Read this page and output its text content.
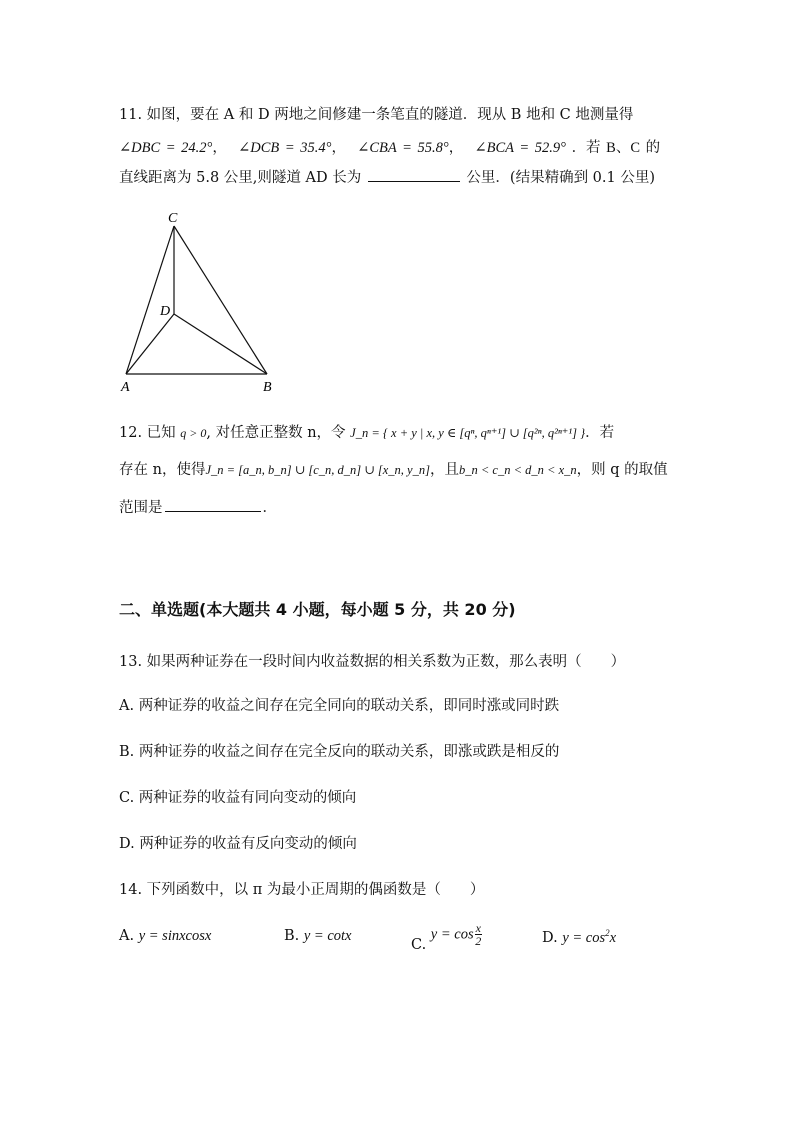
11. 如图，要在 A 和 D 两地之间修建一条笔直的隧道．现从 B 地和 C 地测量得
∠DBC = 24.2°，  ∠DCB = 35.4°，  ∠CBA = 55.8°，  ∠BCA = 52.9° ．若 B、C 的
直线距离为 5.8 公里,则隧道 AD 长为	公里．(结果精确到 0.1 公里)
C
D
A	B
12. 已知 q > 0, 对任意正整数 n，令 J_n = { x + y | x, y ∈ [qⁿ, qⁿ⁺¹] ∪ [q²ⁿ, q²ⁿ⁺¹] }．若
存在 n，使得J_n = [a_n, b_n] ∪ [c_n, d_n] ∪ [x_n, y_n]，且b_n < c_n < d_n < x_n，则 q 的取值
范围是	．
二、单选题(本大题共 4 小题，每小题 5 分，共 20 分)
13. 如果两种证券在一段时间内收益数据的相关系数为正数，那么表明（　　）
A. 两种证券的收益之间存在完全同向的联动关系，即同时涨或同时跌
B. 两种证券的收益之间存在完全反向的联动关系，即涨或跌是相反的
C. 两种证券的收益有同向变动的倾向
D. 两种证券的收益有反向变动的倾向
14. 下列函数中，以 π 为最小正周期的偶函数是（　　）
A. y = sinxcosx	B. y = cotx
C. $y = \cos \frac{x}{2}$	D. $y = \cos^2x$
